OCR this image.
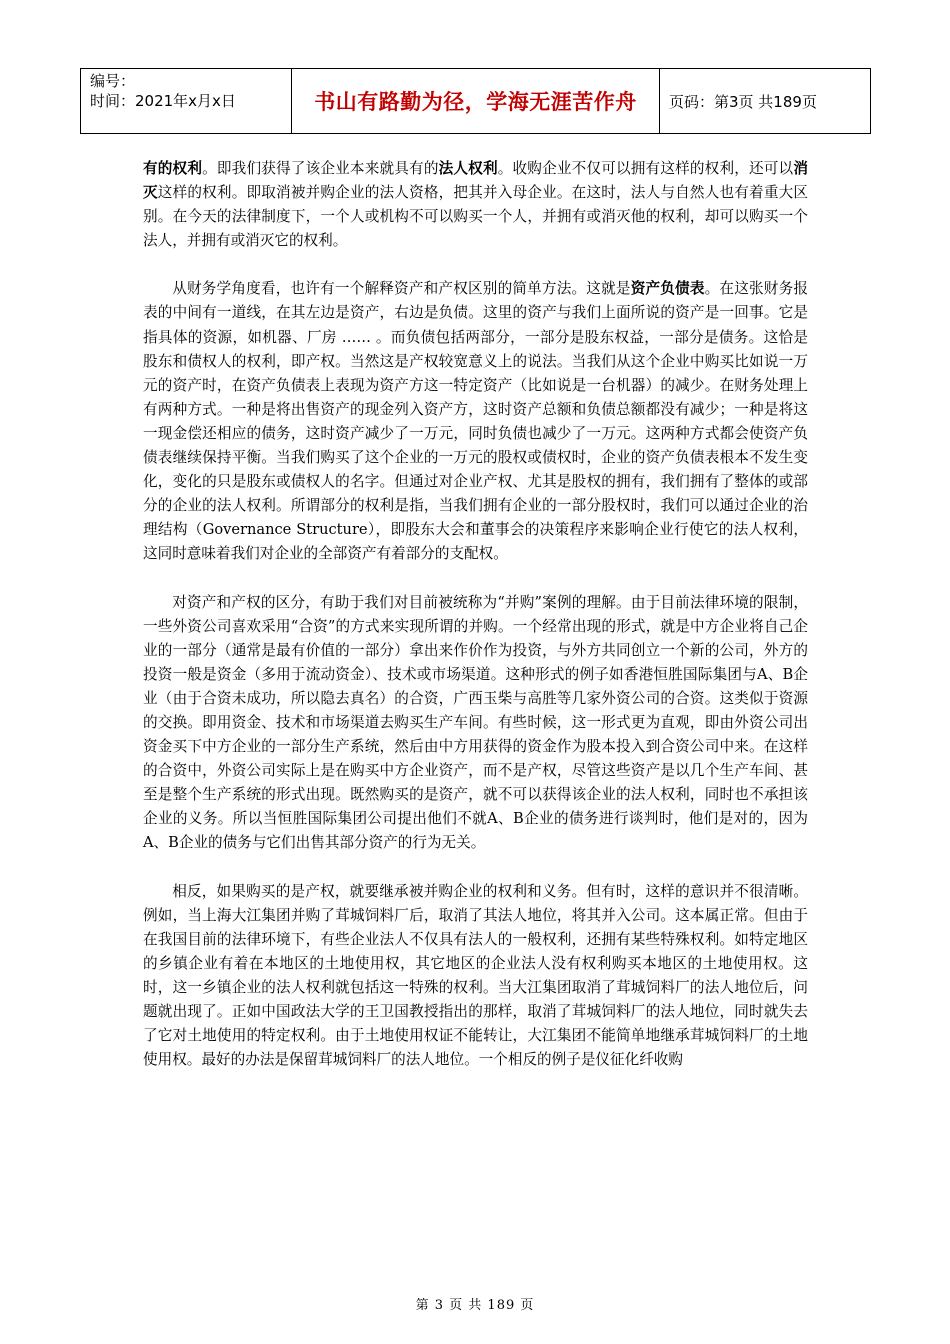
编号：
时间：2021年x月x日	书山有路勤为径，学海无涯苦作舟	页码：第3页 共189页

有的权利。即我们获得了该企业本来就具有的法人权利。收购企业不仅可以拥有这样的权利，还可以消灭这样的权利。即取消被并购企业的法人资格，把其并入母企业。在这时，法人与自然人也有着重大区别。在今天的法律制度下，一个人或机构不可以购买一个人，并拥有或消灭他的权利，却可以购买一个法人，并拥有或消灭它的权利。

从财务学角度看，也许有一个解释资产和产权区别的简单方法。这就是资产负债表。在这张财务报表的中间有一道线，在其左边是资产，右边是负债。这里的资产与我们上面所说的资产是一回事。它是指具体的资源，如机器、厂房 …… 。而负债包括两部分，一部分是股东权益，一部分是债务。这恰是股东和债权人的权利，即产权。当然这是产权较宽意义上的说法。当我们从这个企业中购买比如说一万元的资产时，在资产负债表上表现为资产方这一特定资产（比如说是一台机器）的减少。在财务处理上有两种方式。一种是将出售资产的现金列入资产方，这时资产总额和负债总额都没有减少；一种是将这一现金偿还相应的债务，这时资产减少了一万元，同时负债也减少了一万元。这两种方式都会使资产负债表继续保持平衡。当我们购买了这个企业的一万元的股权或债权时，企业的资产负债表根本不发生变化，变化的只是股东或债权人的名字。但通过对企业产权、尤其是股权的拥有，我们拥有了整体的或部分的企业的法人权利。所谓部分的权利是指，当我们拥有企业的一部分股权时，我们可以通过企业的治理结构（Governance Structure），即股东大会和董事会的决策程序来影响企业行使它的法人权利，这同时意味着我们对企业的全部资产有着部分的支配权。

对资产和产权的区分，有助于我们对目前被统称为“并购”案例的理解。由于目前法律环境的限制，一些外资公司喜欢采用“合资”的方式来实现所谓的并购。一个经常出现的形式，就是中方企业将自己企业的一部分（通常是最有价值的一部分）拿出来作价作为投资，与外方共同创立一个新的公司，外方的投资一般是资金（多用于流动资金）、技术或市场渠道。这种形式的例子如香港恒胜国际集团与A、B企业（由于合资未成功，所以隐去真名）的合资，广西玉柴与高胜等几家外资公司的合资。这类似于资源的交换。即用资金、技术和市场渠道去购买生产车间。有些时候，这一形式更为直观，即由外资公司出资金买下中方企业的一部分生产系统，然后由中方用获得的资金作为股本投入到合资公司中来。在这样的合资中，外资公司实际上是在购买中方企业资产，而不是产权，尽管这些资产是以几个生产车间、甚至是整个生产系统的形式出现。既然购买的是资产，就不可以获得该企业的法人权利，同时也不承担该企业的义务。所以当恒胜国际集团公司提出他们不就A、B企业的债务进行谈判时，他们是对的，因为A、B企业的债务与它们出售其部分资产的行为无关。

相反，如果购买的是产权，就要继承被并购企业的权利和义务。但有时，这样的意识并不很清晰。例如，当上海大江集团并购了茸城饲料厂后，取消了其法人地位，将其并入公司。这本属正常。但由于在我国目前的法律环境下，有些企业法人不仅具有法人的一般权利，还拥有某些特殊权利。如特定地区的乡镇企业有着在本地区的土地使用权，其它地区的企业法人没有权利购买本地区的土地使用权。这时，这一乡镇企业的法人权利就包括这一特殊的权利。当大江集团取消了茸城饲料厂的法人地位后，问题就出现了。正如中国政法大学的王卫国教授指出的那样，取消了茸城饲料厂的法人地位，同时就失去了它对土地使用的特定权利。由于土地使用权证不能转让，大江集团不能简单地继承茸城饲料厂的土地使用权。最好的办法是保留茸城饲料厂的法人地位。一个相反的例子是仪征化纤收购

第 3 页 共 189 页
